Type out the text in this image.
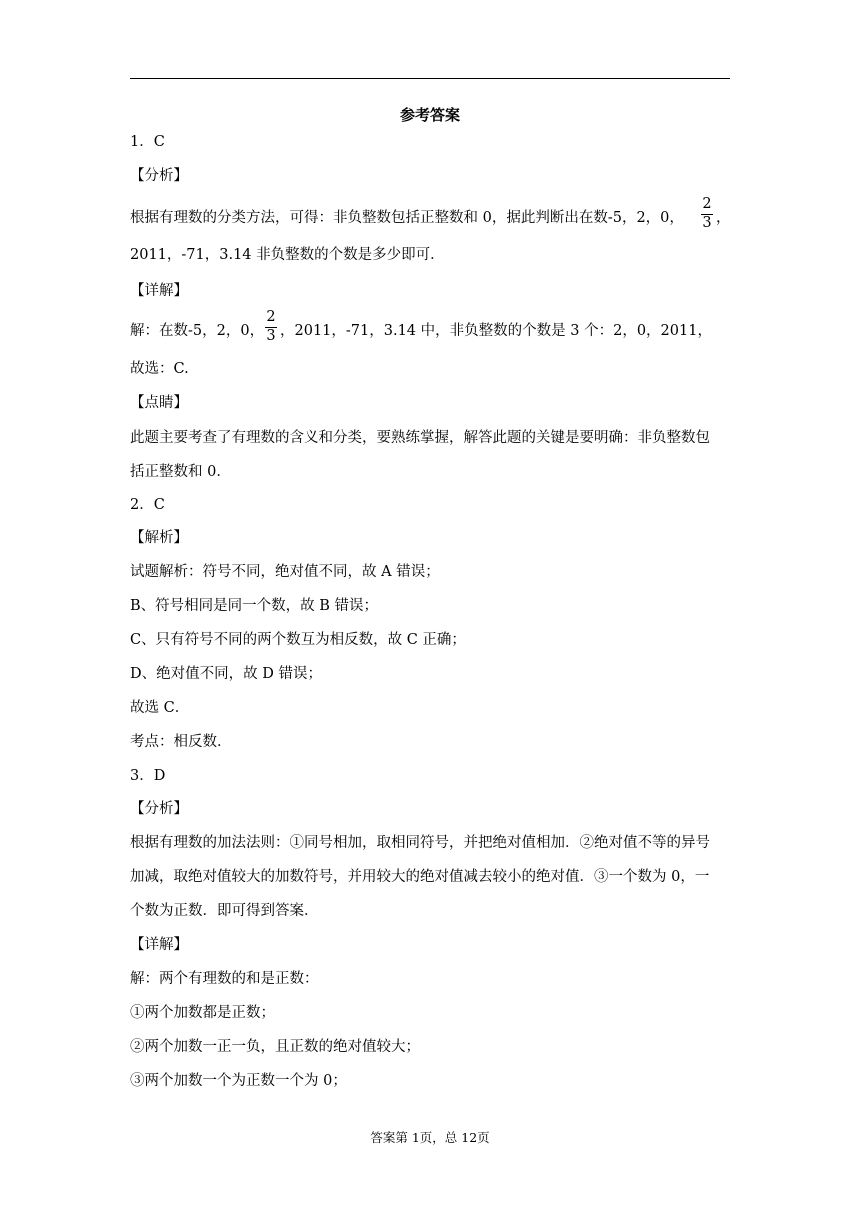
参考答案
1．C
【分析】
根据有理数的分类方法，可得：非负整数包括正整数和 0，据此判断出在数-5，2，0，
2
3 ，
2011，-71，3.14 非负整数的个数是多少即可．
【详解】
解：在数-5，2，0，
2
3 ，2011，-71，3.14 中，非负整数的个数是 3 个：2，0，2011，
故选：C.
【点睛】
此题主要考查了有理数的含义和分类，要熟练掌握，解答此题的关键是要明确：非负整数包
括正整数和 0．
2．C
【解析】
试题解析：符号不同，绝对值不同，故 A 错误；
B、符号相同是同一个数，故 B 错误；
C、只有符号不同的两个数互为相反数，故 C 正确；
D、绝对值不同，故 D 错误；
故选 C．
考点：相反数．
3．D
【分析】
根据有理数的加法法则：①同号相加，取相同符号，并把绝对值相加．②绝对值不等的异号
加减，取绝对值较大的加数符号，并用较大的绝对值减去较小的绝对值．③一个数为 0，一
个数为正数．即可得到答案．
【详解】
解：两个有理数的和是正数：
①两个加数都是正数；
②两个加数一正一负，且正数的绝对值较大；
③两个加数一个为正数一个为 0；
答案第 1页，总 12页
